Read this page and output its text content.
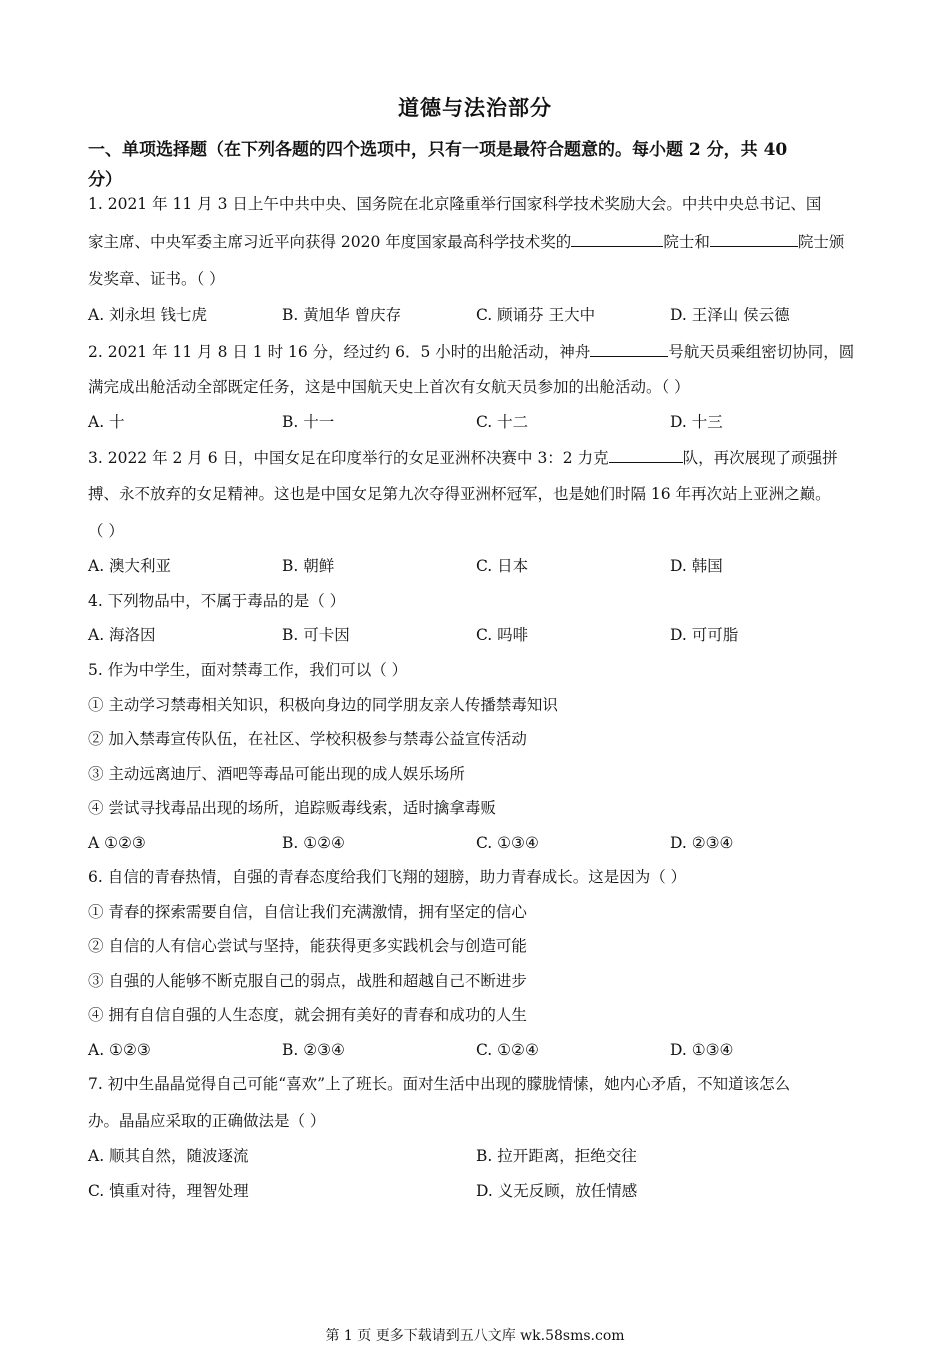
道德与法治部分
一、单项选择题（在下列各题的四个选项中，只有一项是最符合题意的。每小题 2 分，共 40
分）
1. 2021 年 11 月 3 日上午中共中央、国务院在北京隆重举行国家科学技术奖励大会。中共中央总书记、国
家主席、中央军委主席习近平向获得 2020 年度国家最高科学技术奖的	院士和	院士颁
发奖章、证书。（ ）
A. 刘永坦 钱七虎	B. 黄旭华 曾庆存	C. 顾诵芬 王大中	D. 王泽山 侯云德
2. 2021 年 11 月 8 日 1 时 16 分，经过约 6．5 小时的出舱活动，神舟	号航天员乘组密切协同，圆
满完成出舱活动全部既定任务，这是中国航天史上首次有女航天员参加的出舱活动。（ ）
A. 十	B. 十一	C. 十二	D. 十三
3. 2022 年 2 月 6 日，中国女足在印度举行的女足亚洲杯决赛中 3：2 力克	队，再次展现了顽强拼
搏、永不放弃的女足精神。这也是中国女足第九次夺得亚洲杯冠军，也是她们时隔 16 年再次站上亚洲之巅。
（ ）
A. 澳大利亚	B. 朝鲜	C. 日本	D. 韩国
4. 下列物品中，不属于毒品的是（ ）
A. 海洛因	B. 可卡因	C. 吗啡	D. 可可脂
5. 作为中学生，面对禁毒工作，我们可以（ ）
① 主动学习禁毒相关知识，积极向身边的同学朋友亲人传播禁毒知识
② 加入禁毒宣传队伍，在社区、学校积极参与禁毒公益宣传活动
③ 主动远离迪厅、酒吧等毒品可能出现的成人娱乐场所
④ 尝试寻找毒品出现的场所，追踪贩毒线索，适时擒拿毒贩
A ①②③	B. ①②④	C. ①③④	D. ②③④
6. 自信的青春热情，自强的青春态度给我们飞翔的翅膀，助力青春成长。这是因为（ ）
① 青春的探索需要自信，自信让我们充满激情，拥有坚定的信心
② 自信的人有信心尝试与坚持，能获得更多实践机会与创造可能
③ 自强的人能够不断克服自己的弱点，战胜和超越自己不断进步
④ 拥有自信自强的人生态度，就会拥有美好的青春和成功的人生
A. ①②③	B. ②③④	C. ①②④	D. ①③④
7. 初中生晶晶觉得自己可能“喜欢”上了班长。面对生活中出现的朦胧情愫，她内心矛盾，不知道该怎么
办。晶晶应采取的正确做法是（ ）
A. 顺其自然，随波逐流	B. 拉开距离，拒绝交往
C. 慎重对待，理智处理	D. 义无反顾，放任情感
第 1 页 更多下载请到五八文库 wk.58sms.com
